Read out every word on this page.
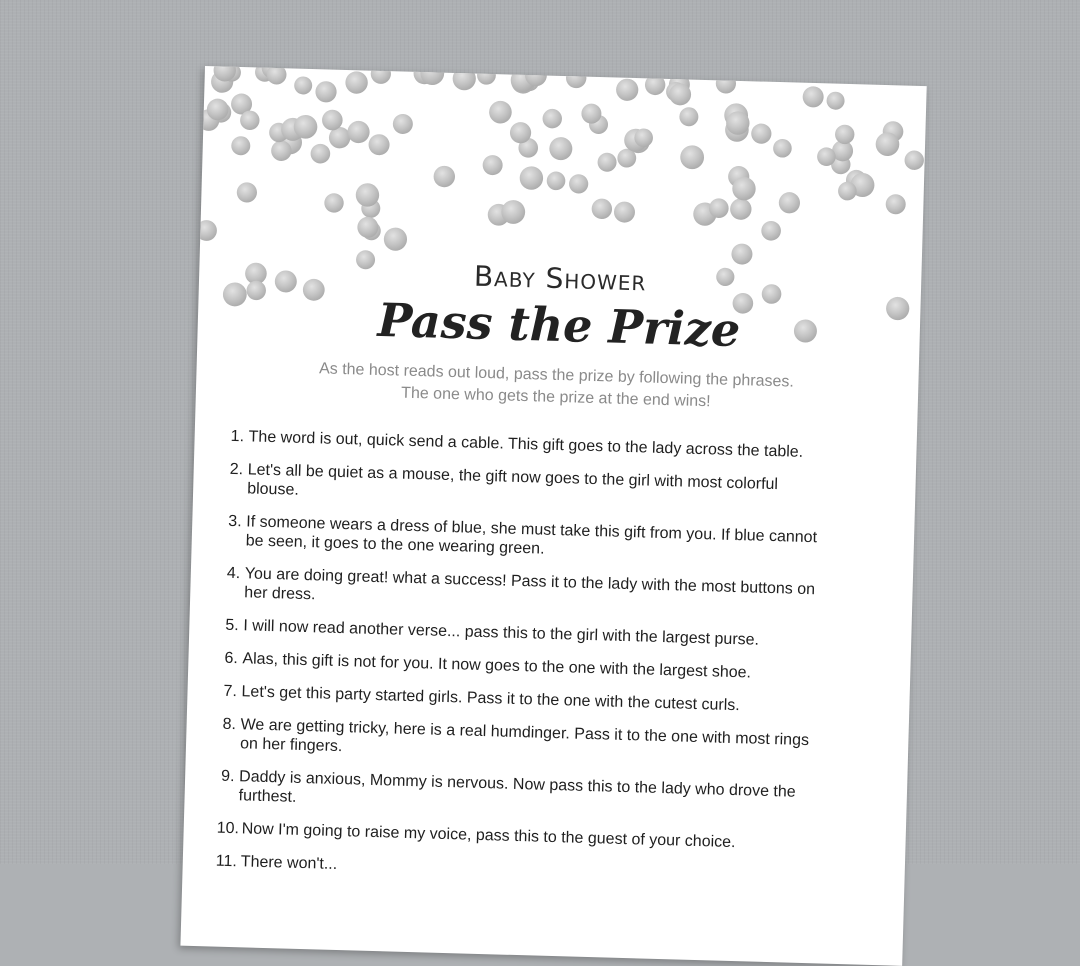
Baby Shower
Pass the Prize
As the host reads out loud, pass the prize by following the phrases.
The one who gets the prize at the end wins!
1. The word is out, quick send a cable. This gift goes to the lady across the table.
2. Let's all be quiet as a mouse, the gift now goes to the girl with most colorful blouse.
3. If someone wears a dress of blue, she must take this gift from you. If blue cannot be seen, it goes to the one wearing green.
4. You are doing great! what a success! Pass it to the lady with the most buttons on her dress.
5. I will now read another verse... pass this to the girl with the largest purse.
6. Alas, this gift is not for you. It now goes to the one with the largest shoe.
7. Let's get this party started girls. Pass it to the one with the cutest curls.
8. We are getting tricky, here is a real humdinger. Pass it to the one with most rings on her fingers.
9. Daddy is anxious, Mommy is nervous. Now pass this to the lady who drove the furthest.
10. Now I'm going to raise my voice, pass this to the guest of your choice.
11. There won't...
